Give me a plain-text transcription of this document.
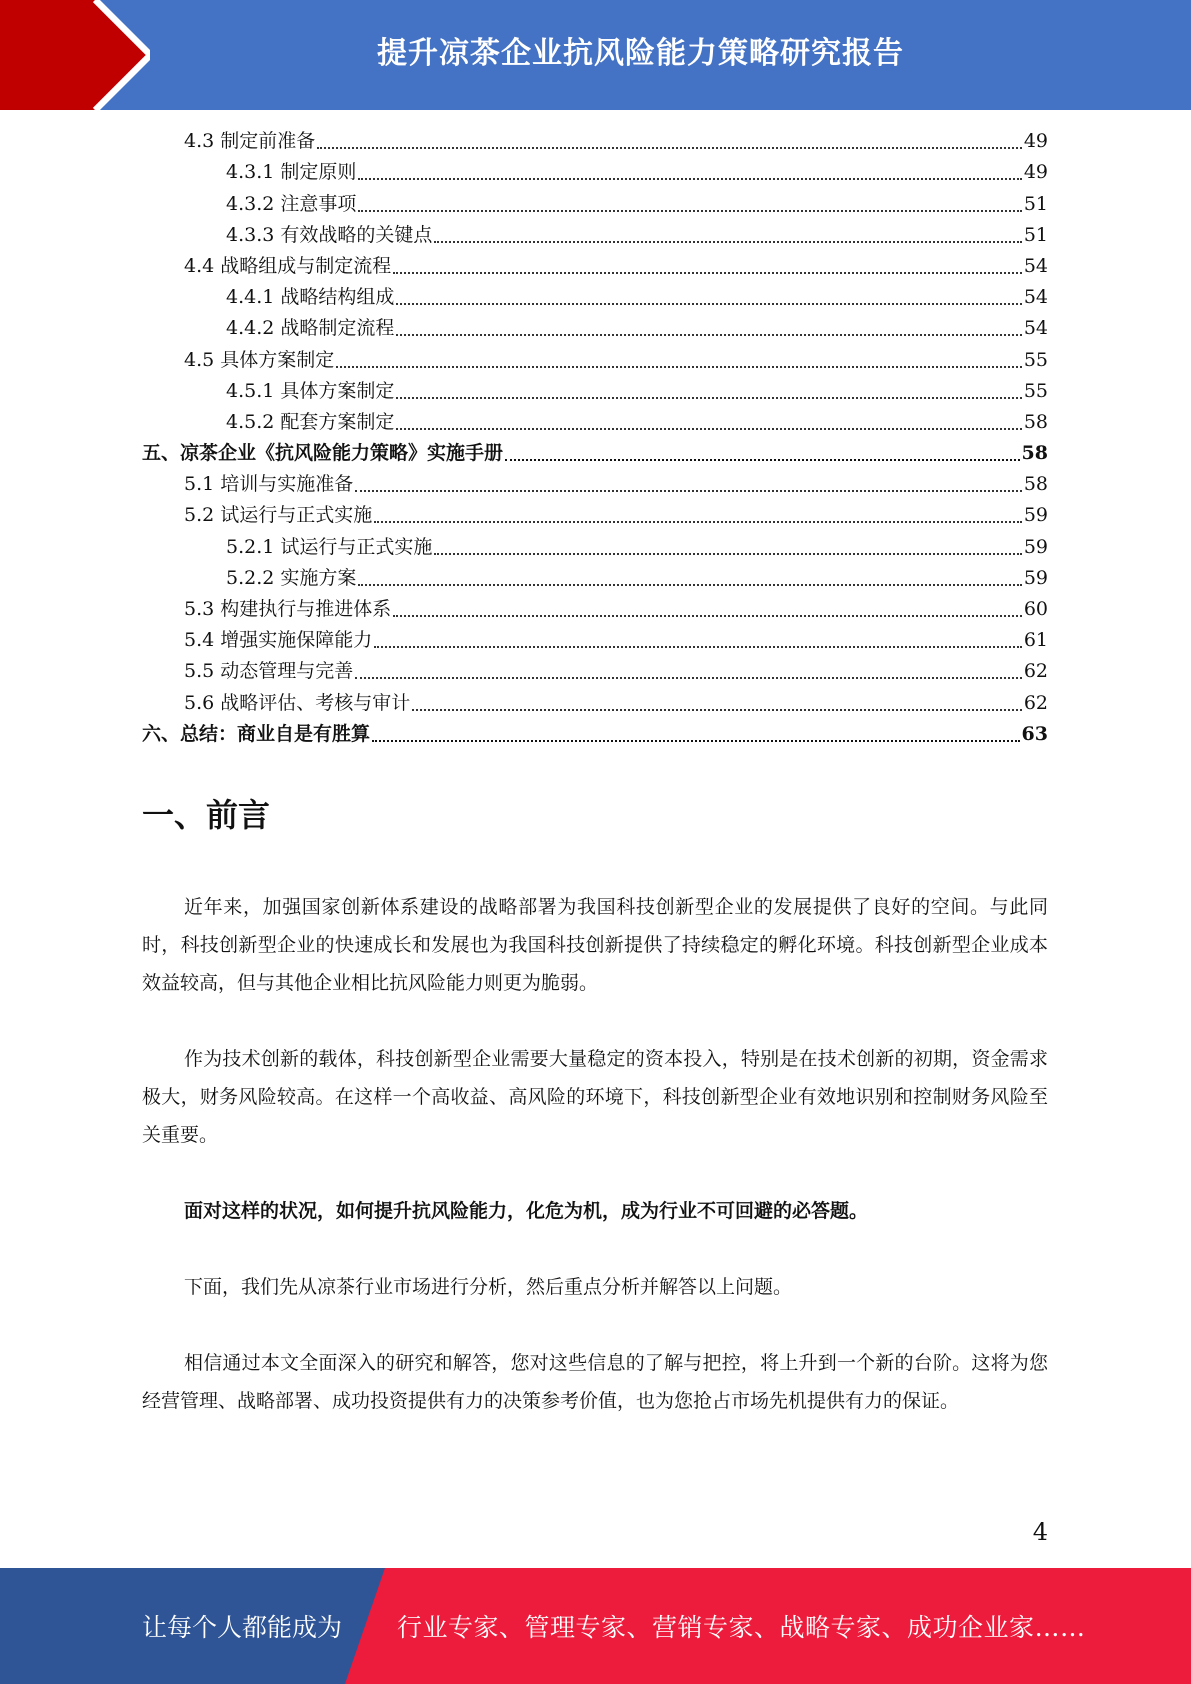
提升凉茶企业抗风险能力策略研究报告
4.3 制定前准备	49
4.3.1 制定原则	49
4.3.2 注意事项	51
4.3.3 有效战略的关键点	51
4.4 战略组成与制定流程	54
4.4.1 战略结构组成	54
4.4.2 战略制定流程	54
4.5 具体方案制定	55
4.5.1 具体方案制定	55
4.5.2 配套方案制定	58
五、凉茶企业《抗风险能力策略》实施手册	58
5.1 培训与实施准备	58
5.2 试运行与正式实施	59
5.2.1 试运行与正式实施	59
5.2.2 实施方案	59
5.3 构建执行与推进体系	60
5.4 增强实施保障能力	61
5.5 动态管理与完善	62
5.6 战略评估、考核与审计	62
六、总结：商业自是有胜算	63
一、前言

近年来，加强国家创新体系建设的战略部署为我国科技创新型企业的发展提供了良好的空间。与此同时，科技创新型企业的快速成长和发展也为我国科技创新提供了持续稳定的孵化环境。科技创新型企业成本效益较高，但与其他企业相比抗风险能力则更为脆弱。

作为技术创新的载体，科技创新型企业需要大量稳定的资本投入，特别是在技术创新的初期，资金需求极大，财务风险较高。在这样一个高收益、高风险的环境下，科技创新型企业有效地识别和控制财务风险至关重要。

面对这样的状况，如何提升抗风险能力，化危为机，成为行业不可回避的必答题。

下面，我们先从凉茶行业市场进行分析，然后重点分析并解答以上问题。

相信通过本文全面深入的研究和解答，您对这些信息的了解与把控，将上升到一个新的台阶。这将为您经营管理、战略部署、成功投资提供有力的决策参考价值，也为您抢占市场先机提供有力的保证。

4
让每个人都能成为 行业专家、管理专家、营销专家、战略专家、成功企业家……
